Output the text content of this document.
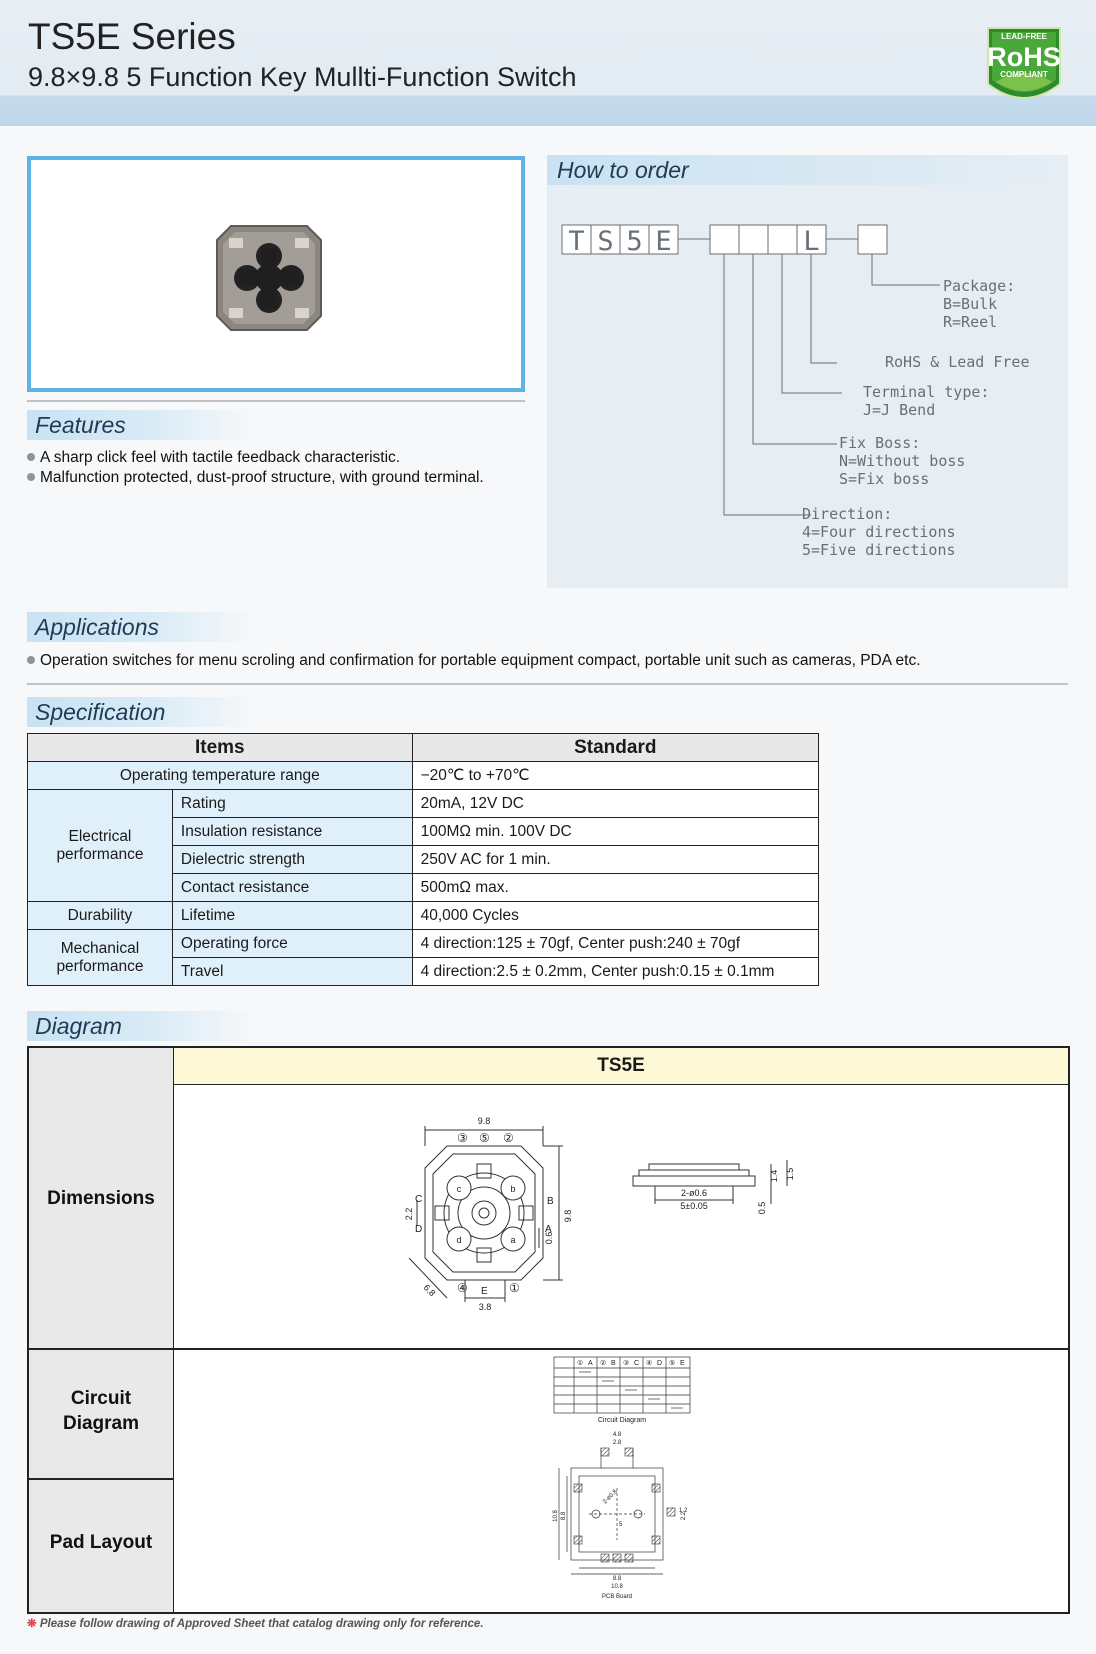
TS5E Series
9.8×9.8 5 Function Key Mullti-Function Switch
LEAD-FREE
RoHS
COMPLIANT
Features
A sharp click feel with tactile feedback characteristic.
Malfunction protected, dust-proof structure, with ground terminal.
How to order
T S 5 E	L
Package:
B=Bulk
R=Reel
RoHS & Lead Free
Terminal type:
J=J Bend
Fix Boss:
N=Without boss
S=Fix boss
Direction:
4=Four directions
5=Five directions
Applications
Operation switches for menu scroling and confirmation for portable equipment compact, portable unit such as cameras, PDA etc.
Specification
Items		Standard
Operating temperature range		−20℃ to +70℃
Electrical
performance	Rating	20mA, 12V DC
	Insulation resistance	100MΩ min. 100V DC
	Dielectric strength	250V AC for 1 min.
	Contact resistance	500mΩ max.
Durability	Lifetime	40,000 Cycles
Mechanical
performance	Operating force	4 direction:125 ± 70gf, Center push:240 ± 70gf
	Travel	4 direction:2.5 ± 0.2mm, Center push:0.15 ± 0.1mm
Diagram
TS5E
Dimensions
Circuit
Diagram
Pad Layout
9.8
9.8
3.8
6.8
2.2
0.6
C	B
D	A
E
c	b
d	a
③ ⑤ ②
④	①
1.4 1.5
2-ø0.6
5±0.05	0.5
① A ② B ③ C ④ D ⑤ E
Circuit Diagram
4.8
2.8
10.8 8.8
8.8
10.8
2-ø0.8
2.2
1.2
5
PCB Board
❊ Please follow drawing of Approved Sheet that catalog drawing only for reference.
